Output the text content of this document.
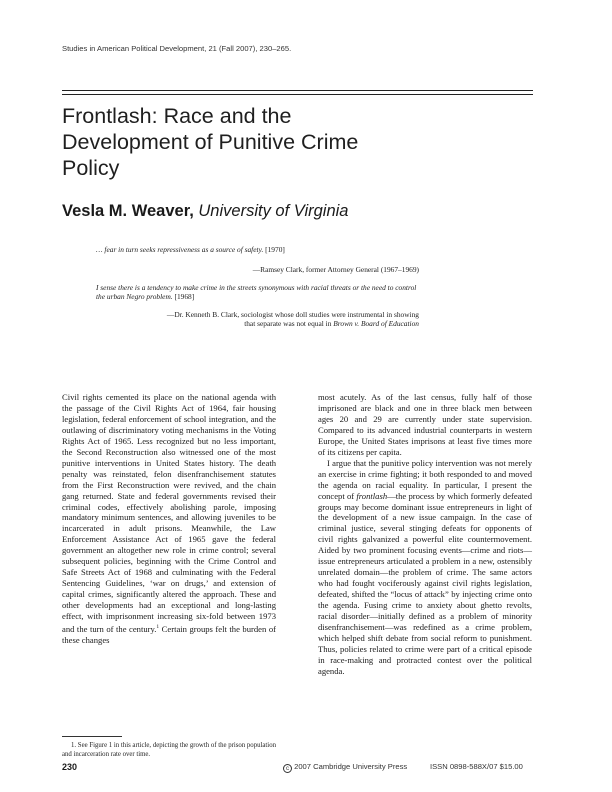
Studies in American Political Development, 21 (Fall 2007), 230–265.
Frontlash: Race and the
Development of Punitive Crime
Policy
Vesla M. Weaver, University of Virginia
… fear in turn seeks repressiveness as a source of safety. [1970]
—Ramsey Clark, former Attorney General (1967–1969)
I sense there is a tendency to make crime in the streets synonymous with racial threats or the need to control the urban Negro problem. [1968]
—Dr. Kenneth B. Clark, sociologist whose doll studies were instrumental in showing
that separate was not equal in Brown v. Board of Education

Civil rights cemented its place on the national agenda with the passage of the Civil Rights Act of 1964, fair housing legislation, federal enforcement of school integration, and the outlawing of discriminatory voting mechanisms in the Voting Rights Act of 1965. Less recognized but no less important, the Second Reconstruction also witnessed one of the most punitive interventions in United States history. The death penalty was reinstated, felon disenfranchisement statutes from the First Reconstruction were revived, and the chain gang returned. State and federal governments revised their criminal codes, effectively abolishing parole, imposing mandatory minimum sentences, and allowing juveniles to be incarcerated in adult prisons. Meanwhile, the Law Enforcement Assistance Act of 1965 gave the federal government an altogether new role in crime control; several subsequent policies, beginning with the Crime Control and Safe Streets Act of 1968 and culminating with the Federal Sentencing Guidelines, ‘war on drugs,’ and extension of capital crimes, significantly altered the approach. These and other developments had an exceptional and long-lasting effect, with imprisonment increasing six-fold between 1973 and the turn of the century.$^1$ Certain groups felt the burden of these changes

most acutely. As of the last census, fully half of those imprisoned are black and one in three black men between ages 20 and 29 are currently under state supervision. Compared to its advanced industrial counterparts in western Europe, the United States imprisons at least five times more of its citizens per capita.

I argue that the punitive policy intervention was not merely an exercise in crime fighting; it both responded to and moved the agenda on racial equality. In particular, I present the concept of frontlash—the process by which formerly defeated groups may become dominant issue entrepreneurs in light of the development of a new issue campaign. In the case of criminal justice, several stinging defeats for opponents of civil rights galvanized a powerful elite countermovement. Aided by two prominent focusing events—crime and riots—issue entrepreneurs articulated a problem in a new, ostensibly unrelated domain—the problem of crime. The same actors who had fought vociferously against civil rights legislation, defeated, shifted the “locus of attack” by injecting crime onto the agenda. Fusing crime to anxiety about ghetto revolts, racial disorder—initially defined as a problem of minority disenfranchisement—was redefined as a crime problem, which helped shift debate from social reform to punishment. Thus, policies related to crime were part of a critical episode in race-making and protracted contest over the political agenda.

1. See Figure 1 in this article, depicting the growth of the prison population and incarceration rate over time.
230	c 2007 Cambridge University Press	ISSN 0898-588X/07 $15.00
